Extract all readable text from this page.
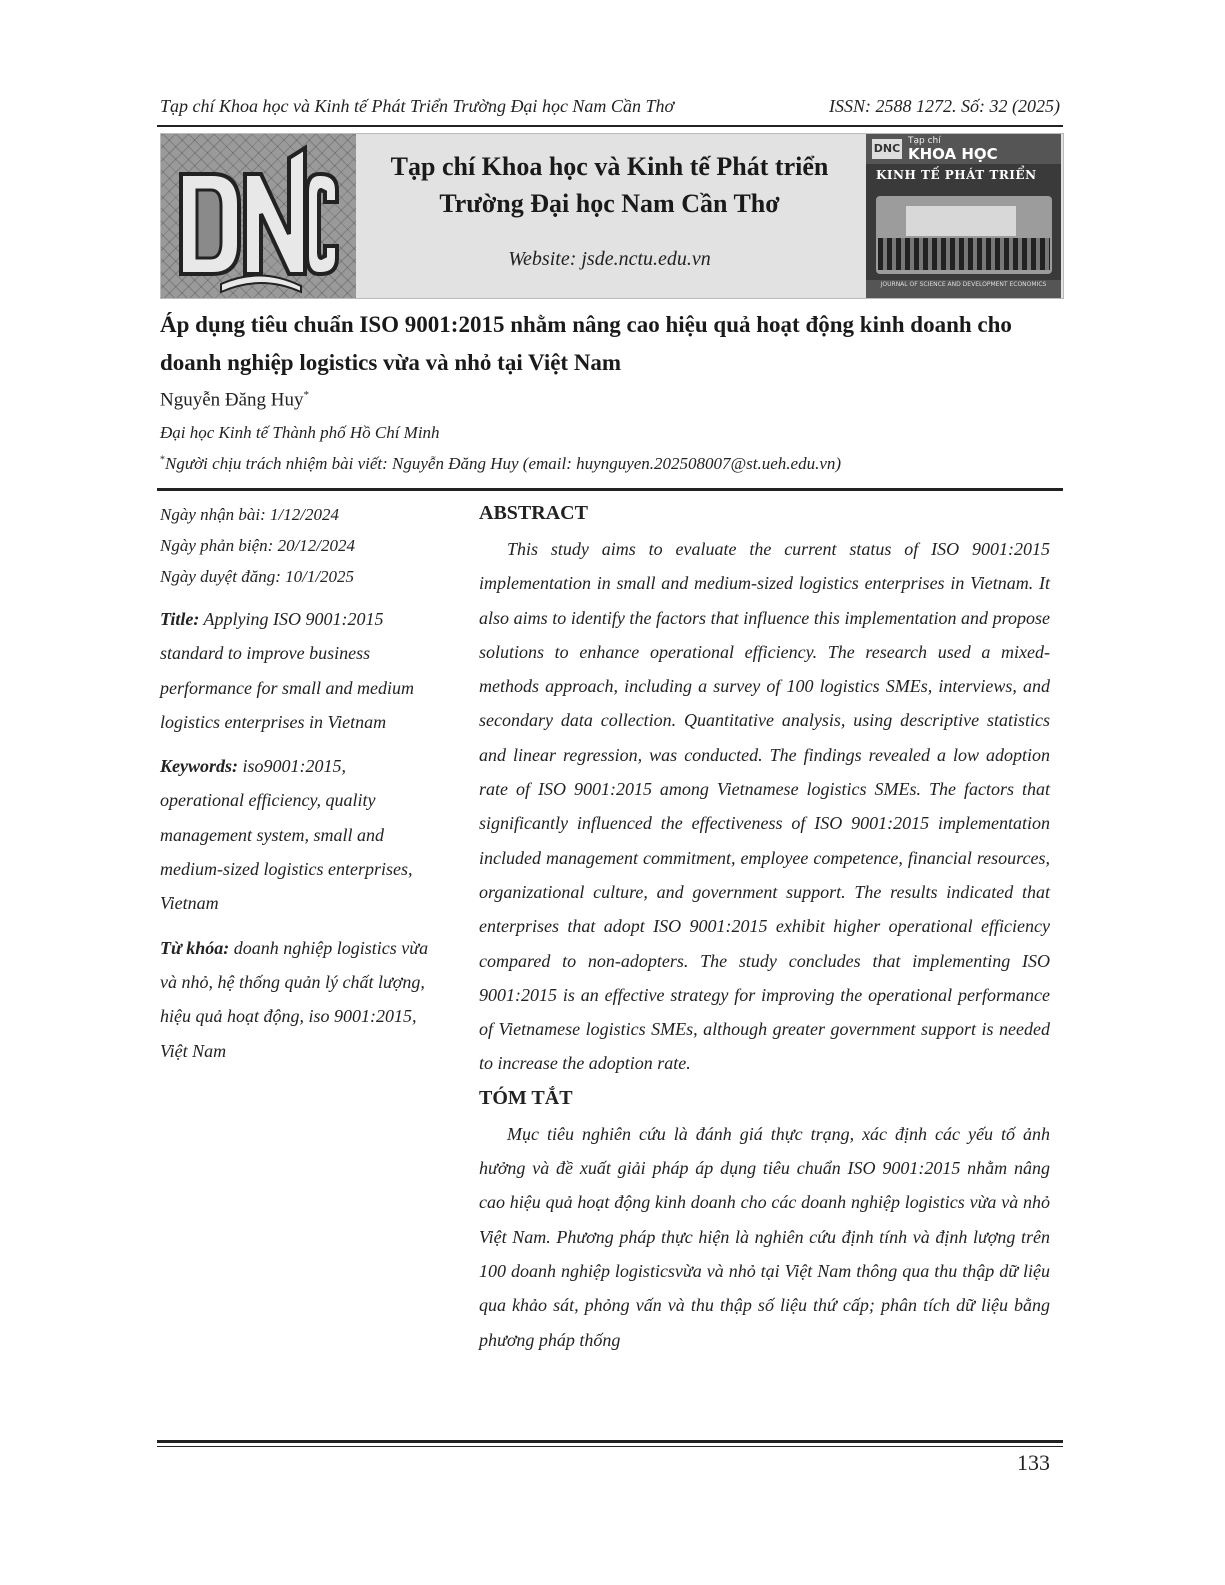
Tạp chí Khoa học và Kinh tế Phát Triển Trường Đại học Nam Cần Thơ	ISSN: 2588 1272. Số: 32 (2025)
Tạp chí Khoa học và Kinh tế Phát triển
Trường Đại học Nam Cần Thơ
Website: jsde.nctu.edu.vn
DNC
Tạp chí
KHOA HỌC
KINH TẾ PHÁT TRIỂN
JOURNAL OF SCIENCE AND DEVELOPMENT ECONOMICS
Áp dụng tiêu chuẩn ISO 9001:2015 nhằm nâng cao hiệu quả hoạt động kinh doanh cho doanh nghiệp logistics vừa và nhỏ tại Việt Nam
Nguyễn Đăng Huy*
Đại học Kinh tế Thành phố Hồ Chí Minh
*Người chịu trách nhiệm bài viết: Nguyễn Đăng Huy (email: huynguyen.202508007@st.ueh.edu.vn)
Ngày nhận bài: 1/12/2024
Ngày phản biện: 20/12/2024
Ngày duyệt đăng: 10/1/2025
Title: Applying ISO 9001:2015 standard to improve business performance for small and medium logistics enterprises in Vietnam
Keywords: iso9001:2015, operational efficiency, quality management system, small and medium-sized logistics enterprises, Vietnam
Từ khóa: doanh nghiệp logistics vừa và nhỏ, hệ thống quản lý chất lượng, hiệu quả hoạt động, iso 9001:2015, Việt Nam
ABSTRACT
This study aims to evaluate the current status of ISO 9001:2015 implementation in small and medium-sized logistics enterprises in Vietnam. It also aims to identify the factors that influence this implementation and propose solutions to enhance operational efficiency. The research used a mixed-methods approach, including a survey of 100 logistics SMEs, interviews, and secondary data collection. Quantitative analysis, using descriptive statistics and linear regression, was conducted. The findings revealed a low adoption rate of ISO 9001:2015 among Vietnamese logistics SMEs. The factors that significantly influenced the effectiveness of ISO 9001:2015 implementation included management commitment, employee competence, financial resources, organizational culture, and government support. The results indicated that enterprises that adopt ISO 9001:2015 exhibit higher operational efficiency compared to non-adopters. The study concludes that implementing ISO 9001:2015 is an effective strategy for improving the operational performance of Vietnamese logistics SMEs, although greater government support is needed to increase the adoption rate.
TÓM TẮT
Mục tiêu nghiên cứu là đánh giá thực trạng, xác định các yếu tố ảnh hưởng và đề xuất giải pháp áp dụng tiêu chuẩn ISO 9001:2015 nhằm nâng cao hiệu quả hoạt động kinh doanh cho các doanh nghiệp logistics vừa và nhỏ Việt Nam. Phương pháp thực hiện là nghiên cứu định tính và định lượng trên 100 doanh nghiệp logisticsvừa và nhỏ tại Việt Nam thông qua thu thập dữ liệu qua khảo sát, phỏng vấn và thu thập số liệu thứ cấp; phân tích dữ liệu bằng phương pháp thống
133
